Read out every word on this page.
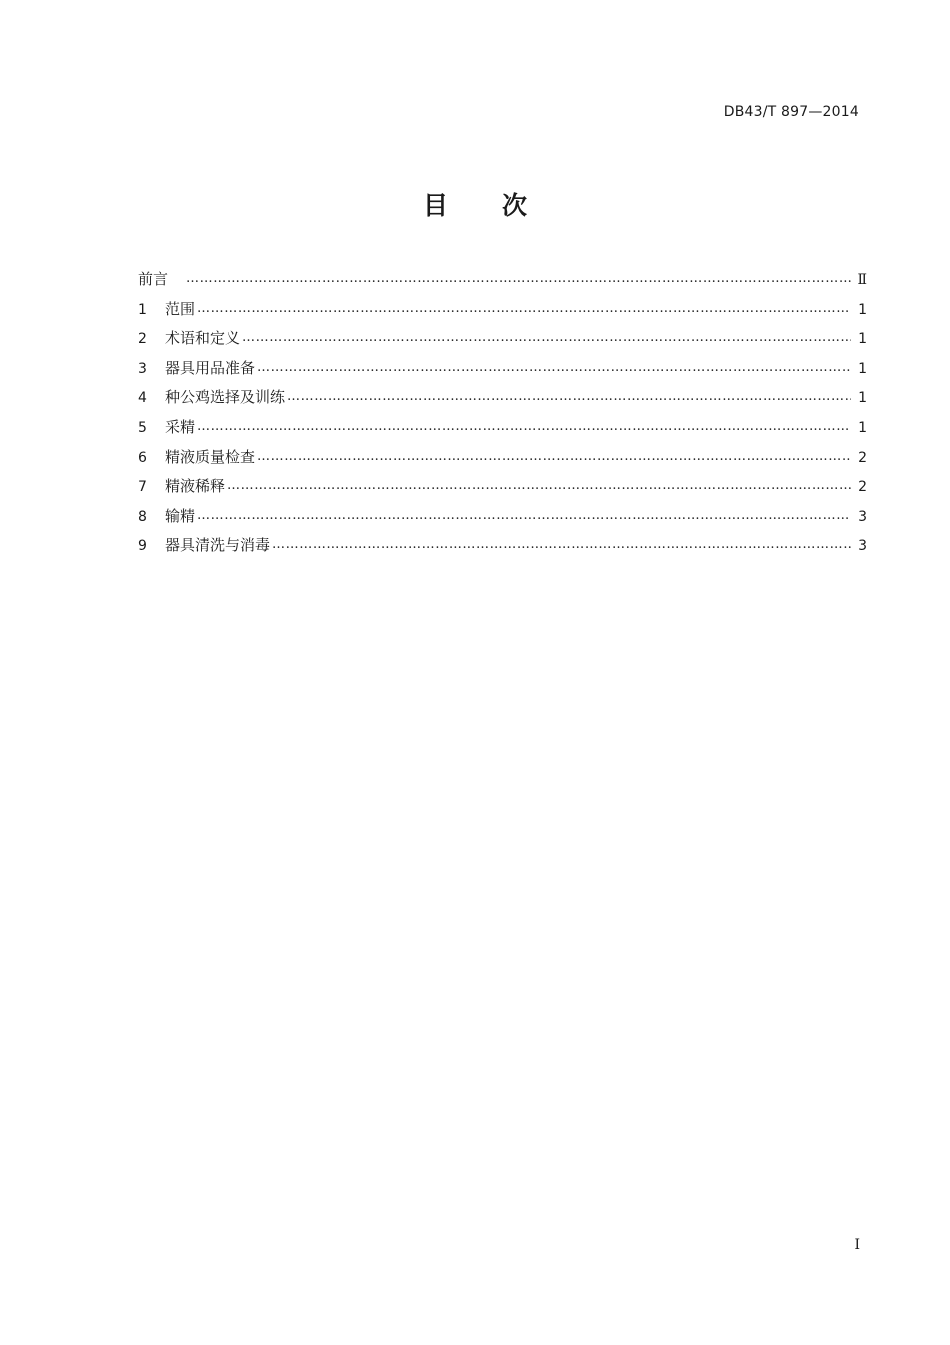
DB43/T 897—2014
目 次
前言 ……………………………………………………………………………………………………………………………………………………………………………………………………	Ⅱ
1	范围 ……………………………………………………………………………………………………………………………………………………………………………………………………	1
2	术语和定义 ……………………………………………………………………………………………………………………………………………………………………………………………………	1
3	器具用品准备 ……………………………………………………………………………………………………………………………………………………………………………………………………	1
4	种公鸡选择及训练 ……………………………………………………………………………………………………………………………………………………………………………………………………	1
5	采精 ……………………………………………………………………………………………………………………………………………………………………………………………………	1
6	精液质量检查 ……………………………………………………………………………………………………………………………………………………………………………………………………	2
7	精液稀释 ……………………………………………………………………………………………………………………………………………………………………………………………………	2
8	输精 ……………………………………………………………………………………………………………………………………………………………………………………………………	3
9	器具清洗与消毒 ……………………………………………………………………………………………………………………………………………………………………………………………………	3
I
